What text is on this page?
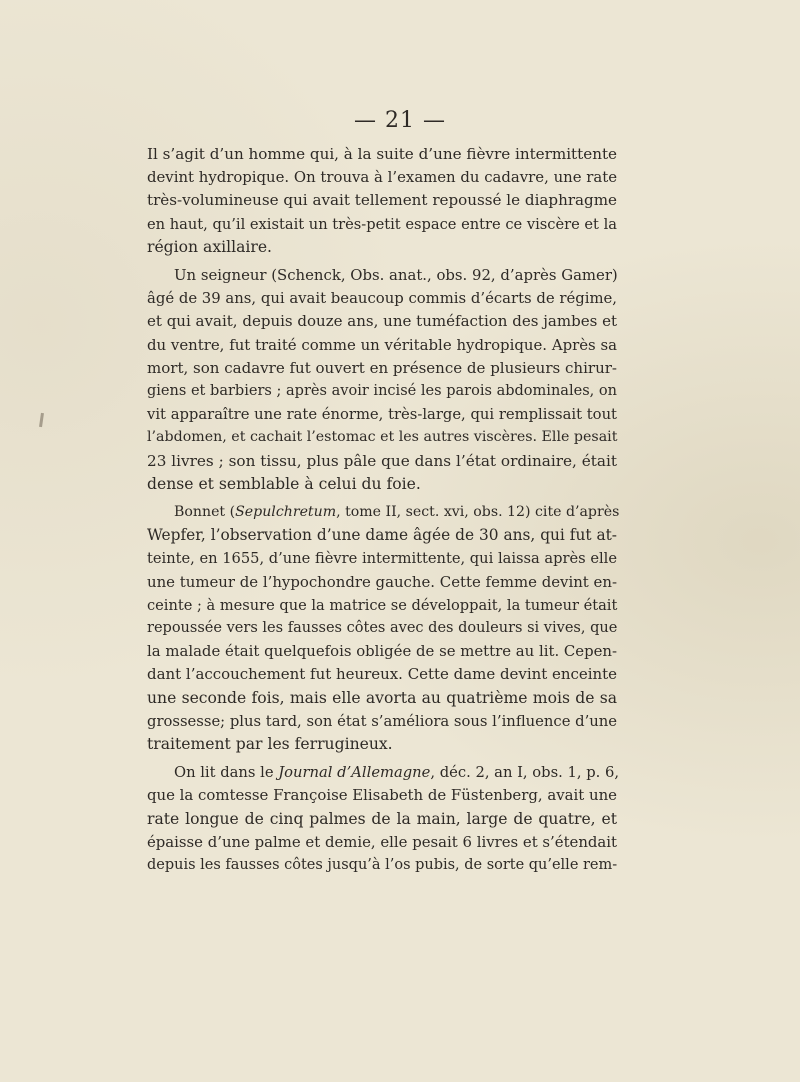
— 21 —

Il s’agit d’un homme qui, à la suite d’une fièvre intermittente
devint hydropique. On trouva à l’examen du cadavre, une rate
très-volumineuse qui avait tellement repoussé le diaphragme
en haut, qu’il existait un très-petit espace entre ce viscère et la
région axillaire.

Un seigneur (Schenck, Obs. anat., obs. 92, d’après Gamer)
âgé de 39 ans, qui avait beaucoup commis d’écarts de régime,
et qui avait, depuis douze ans, une tuméfaction des jambes et
du ventre, fut traité comme un véritable hydropique. Après sa
mort, son cadavre fut ouvert en présence de plusieurs chirur-
giens et barbiers ; après avoir incisé les parois abdominales, on
vit apparaître une rate énorme, très-large, qui remplissait tout
l’abdomen, et cachait l’estomac et les autres viscères. Elle pesait
23 livres ; son tissu, plus pâle que dans l’état ordinaire, était
dense et semblable à celui du foie.

Bonnet (Sepulchretum, tome II, sect. xvi, obs. 12) cite d’après
Wepfer, l’observation d’une dame âgée de 30 ans, qui fut at-
teinte, en 1655, d’une fièvre intermittente, qui laissa après elle
une tumeur de l’hypochondre gauche. Cette femme devint en-
ceinte ; à mesure que la matrice se développait, la tumeur était
repoussée vers les fausses côtes avec des douleurs si vives, que
la malade était quelquefois obligée de se mettre au lit. Cepen-
dant l’accouchement fut heureux. Cette dame devint enceinte
une seconde fois, mais elle avorta au quatrième mois de sa
grossesse; plus tard, son état s’améliora sous l’influence d’une
traitement par les ferrugineux.

On lit dans le Journal d’Allemagne, déc. 2, an I, obs. 1, p. 6,
que la comtesse Françoise Elisabeth de Füstenberg, avait une
rate longue de cinq palmes de la main, large de quatre, et
épaisse d’une palme et demie, elle pesait 6 livres et s’étendait
depuis les fausses côtes jusqu’à l’os pubis, de sorte qu’elle rem-
